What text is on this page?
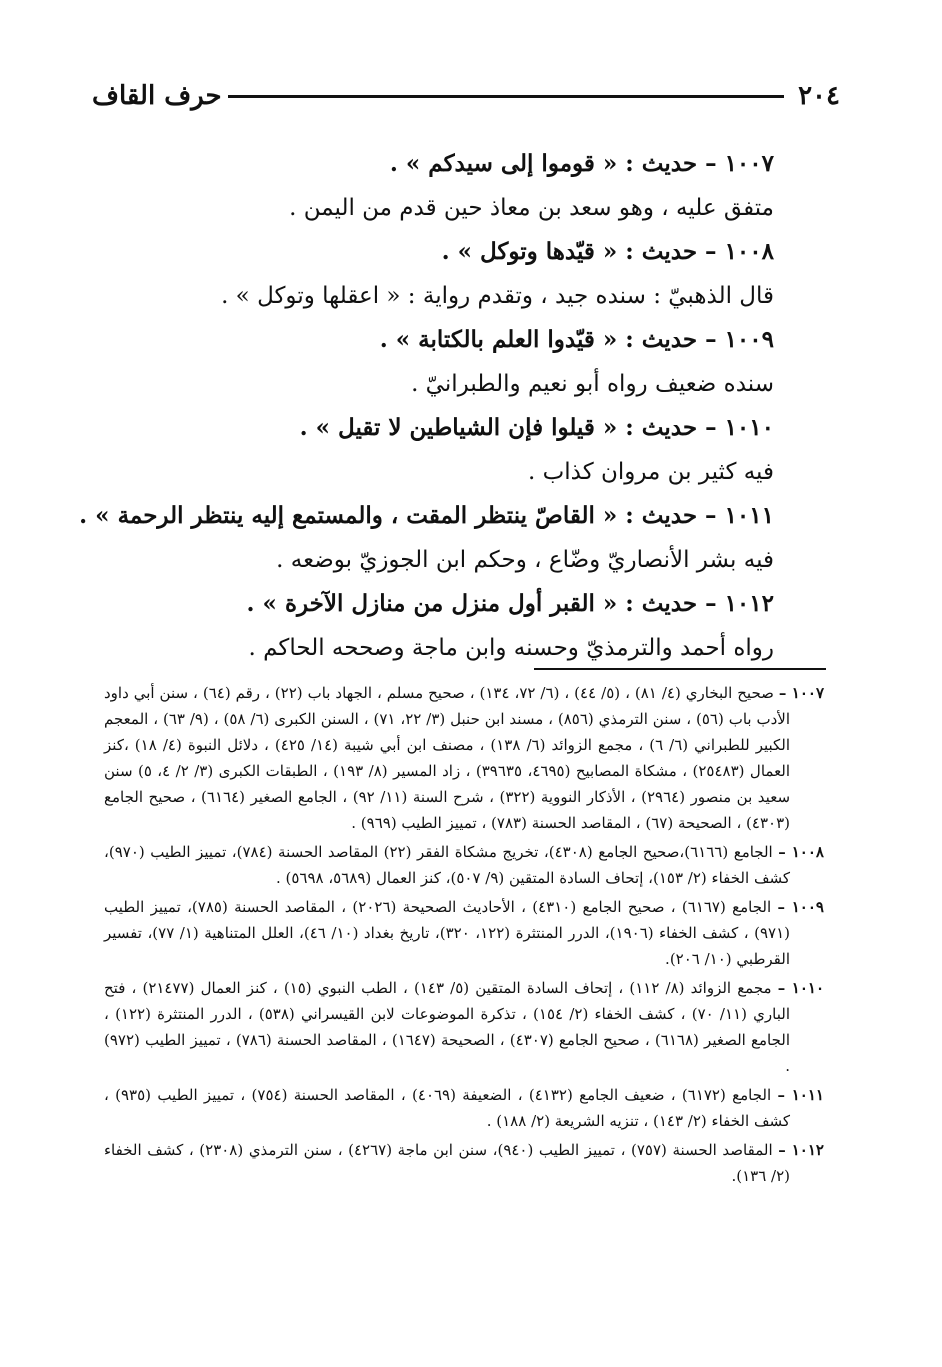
٢٠٤
حرف القاف
١٠٠٧ – حديث : « قوموا إلى سيدكم » .
متفق عليه ، وهو سعد بن معاذ حين قدم من اليمن .
١٠٠٨ – حديث : « قيّدها وتوكل » .
قال الذهبيّ : سنده جيد ، وتقدم رواية : « اعقلها وتوكل » .
١٠٠٩ – حديث : « قيّدوا العلم بالكتابة » .
سنده ضعيف رواه أبو نعيم والطبرانيّ .
١٠١٠ – حديث : « قيلوا فإن الشياطين لا تقيل » .
فيه كثير بن مروان كذاب .
١٠١١ – حديث : « القاصّ ينتظر المقت ، والمستمع إليه ينتظر الرحمة » .
فيه بشر الأنصاريّ وضّاع ، وحكم ابن الجوزيّ بوضعه .
١٠١٢ – حديث : « القبر أول منزل من منازل الآخرة » .
رواه أحمد والترمذيّ وحسنه وابن ماجة وصححه الحاكم .
١٠٠٧ – صحيح البخاري (٤/ ٨١) ، (٥/ ٤٤) ، (٦/ ٧٢، ١٣٤) ، صحيح مسلم ، الجهاد باب (٢٢) ، رقم (٦٤) ، سنن أبي داود الأدب باب (٥٦) ، سنن الترمذي (٨٥٦) ، مسند ابن حنبل (٣/ ٢٢، ٧١) ، السنن الكبرى (٦/ ٥٨) ، (٩/ ٦٣) ، المعجم الكبير للطبراني (٦/ ٦) ، مجمع الزوائد (٦/ ١٣٨) ، مصنف ابن أبي شيبة (١٤/ ٤٢٥) ، دلائل النبوة (٤/ ١٨) ،كنز العمال (٢٥٤٨٣) ، مشكاة المصابيح (٤٦٩٥، ٣٩٦٣٥) ، زاد المسير (٨/ ١٩٣) ، الطبقات الكبرى (٣/ ٢/ ٤، ٥) سنن سعيد بن منصور (٢٩٦٤) ، الأذكار النووية (٣٢٢) ، شرح السنة (١١/ ٩٢) ، الجامع الصغير (٦١٦٤) ، صحيح الجامع (٤٣٠٣) ، الصحيحة (٦٧) ، المقاصد الحسنة (٧٨٣) ، تمييز الطيب (٩٦٩) .
١٠٠٨ – الجامع (٦١٦٦)،صحيح الجامع (٤٣٠٨)، تخريج مشكاة الفقر (٢٢) المقاصد الحسنة (٧٨٤)، تمييز الطيب (٩٧٠)، كشف الخفاء (٢/ ١٥٣)، إتحاف السادة المتقين (٩/ ٥٠٧)، كنز العمال (٥٦٨٩، ٥٦٩٨) .
١٠٠٩ – الجامع (٦١٦٧) ، صحيح الجامع (٤٣١٠) ، الأحاديث الصحيحة (٢٠٢٦) ، المقاصد الحسنة (٧٨٥)، تمييز الطيب (٩٧١) ، كشف الخفاء (١٩٠٦)، الدرر المنتثرة (١٢٢، ٣٢٠)، تاريخ بغداد (١٠/ ٤٦)، العلل المتناهية (١/ ٧٧)، تفسير القرطبي (١٠/ ٢٠٦).
١٠١٠ – مجمع الزوائد (٨/ ١١٢) ، إتحاف السادة المتقين (٥/ ١٤٣) ، الطب النبوي (١٥) ، كنز العمال (٢١٤٧٧) ، فتح الباري (١١/ ٧٠) ، كشف الخفاء (٢/ ١٥٤) ، تذكرة الموضوعات لابن القيسراني (٥٣٨) ، الدرر المنتثرة (١٢٢) ، الجامع الصغير (٦١٦٨) ، صحيح الجامع (٤٣٠٧) ، الصحيحة (١٦٤٧) ، المقاصد الحسنة (٧٨٦) ، تمييز الطيب (٩٧٢) .
١٠١١ – الجامع (٦١٧٢) ، ضعيف الجامع (٤١٣٢) ، الضعيفة (٤٠٦٩) ، المقاصد الحسنة (٧٥٤) ، تمييز الطيب (٩٣٥) ، كشف الخفاء (٢/ ١٤٣) ، تنزيه الشريعة (٢/ ١٨٨) .
١٠١٢ – المقاصد الحسنة (٧٥٧) ، تمييز الطيب (٩٤٠)، سنن ابن ماجة (٤٢٦٧) ، سنن الترمذي (٢٣٠٨) ، كشف الخفاء (٢/ ١٣٦).
